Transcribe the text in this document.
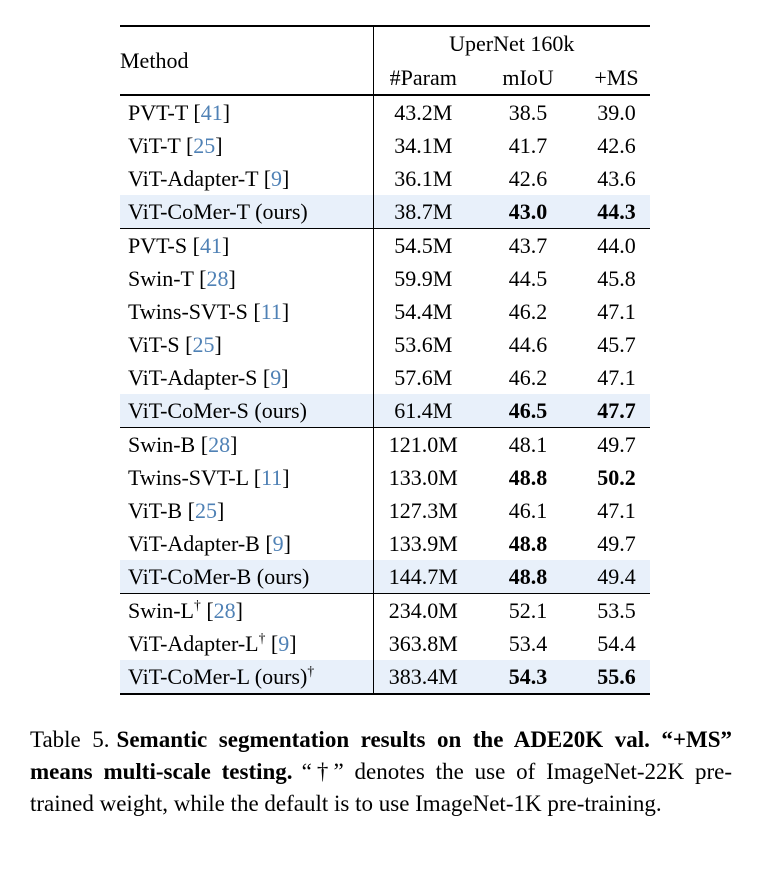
Method	UperNet 160k		
	#Param	mIoU	+MS
PVT-T [41]	43.2M	38.5	39.0
ViT-T [25]	34.1M	41.7	42.6
ViT-Adapter-T [9]	36.1M	42.6	43.6
ViT-CoMer-T (ours)	38.7M	43.0	44.3
PVT-S [41]	54.5M	43.7	44.0
Swin-T [28]	59.9M	44.5	45.8
Twins-SVT-S [11]	54.4M	46.2	47.1
ViT-S [25]	53.6M	44.6	45.7
ViT-Adapter-S [9]	57.6M	46.2	47.1
ViT-CoMer-S (ours)	61.4M	46.5	47.7
Swin-B [28]	121.0M	48.1	49.7
Twins-SVT-L [11]	133.0M	48.8	50.2
ViT-B [25]	127.3M	46.1	47.1
ViT-Adapter-B [9]	133.9M	48.8	49.7
ViT-CoMer-B (ours)	144.7M	48.8	49.4
Swin-L† [28]	234.0M	52.1	53.5
ViT-Adapter-L† [9]	363.8M	53.4	54.4
ViT-CoMer-L (ours)†	383.4M	54.3	55.6
Table 5. Semantic segmentation results on the ADE20K val. “+MS” means multi-scale testing. “†” denotes the use of ImageNet-22K pre-trained weight, while the default is to use ImageNet-1K pre-training.
